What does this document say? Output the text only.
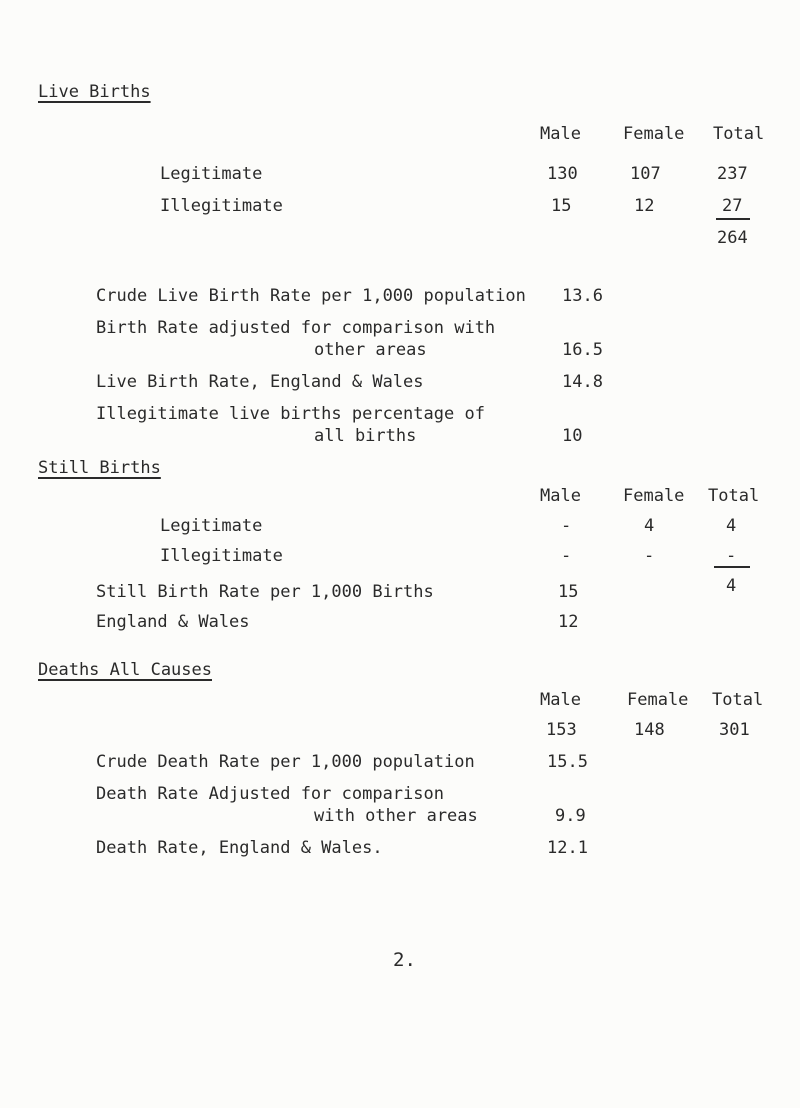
Live Births
Male Female Total
Legitimate	130	107	237
Illegitimate	15	12	27
264
Crude Live Birth Rate per 1,000 population 13.6
Birth Rate adjusted for comparison with
other areas	16.5
Live Birth Rate, England & Wales	14.8
Illegitimate live births percentage of
all births	10
Still Births
Male Female Total
Legitimate	-	4	4
Illegitimate	-	-	-
4
Still Birth Rate per 1,000 Births	15
England & Wales	12
Deaths All Causes
Male	Female Total
153	148	301
Crude Death Rate per 1,000 population	15.5
Death Rate Adjusted for comparison
with other areas	9.9
Death Rate, England & Wales.	12.1
2.
